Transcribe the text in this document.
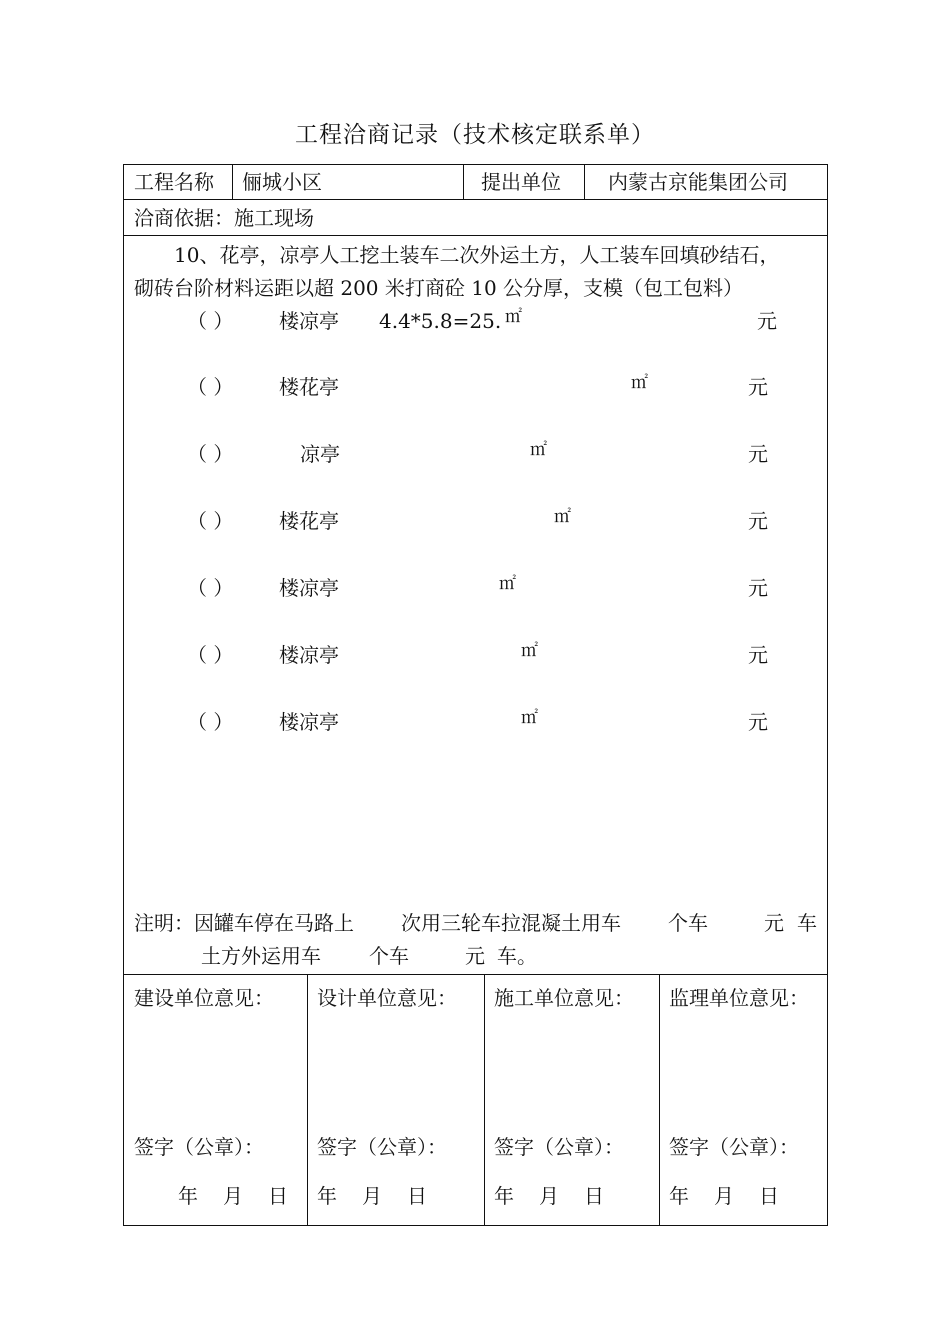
工程洽商记录（技术核定联系单）
工程名称 俪城小区	提出单位 内蒙古京能集团公司
洽商依据：施工现场
10、花亭，凉亭人工挖土装车二次外运土方，人工装车回填砂结石，
砌砖台阶材料运距以超 200 米打商砼 10 公分厚，支模（包工包料）
（ ） 楼凉亭 4.4*5.8=25. ㎡	元
（ ） 楼花亭	㎡	元
（ ）	凉亭	㎡	元
（ ） 楼花亭	㎡	元
（ ） 楼凉亭	㎡	元
（ ） 楼凉亭	㎡	元
（ ） 楼凉亭	㎡	元
注明：因罐车停在马路上 次用三轮车拉混凝土用车 个车	元 车
土方外运用车 个车	元 车。
建设单位意见：
签字（公章）：
年 月 日
设计单位意见：
签字（公章）：
年 月 日
施工单位意见：
签字（公章）：
年 月 日
监理单位意见：
签字（公章）：
年 月 日
